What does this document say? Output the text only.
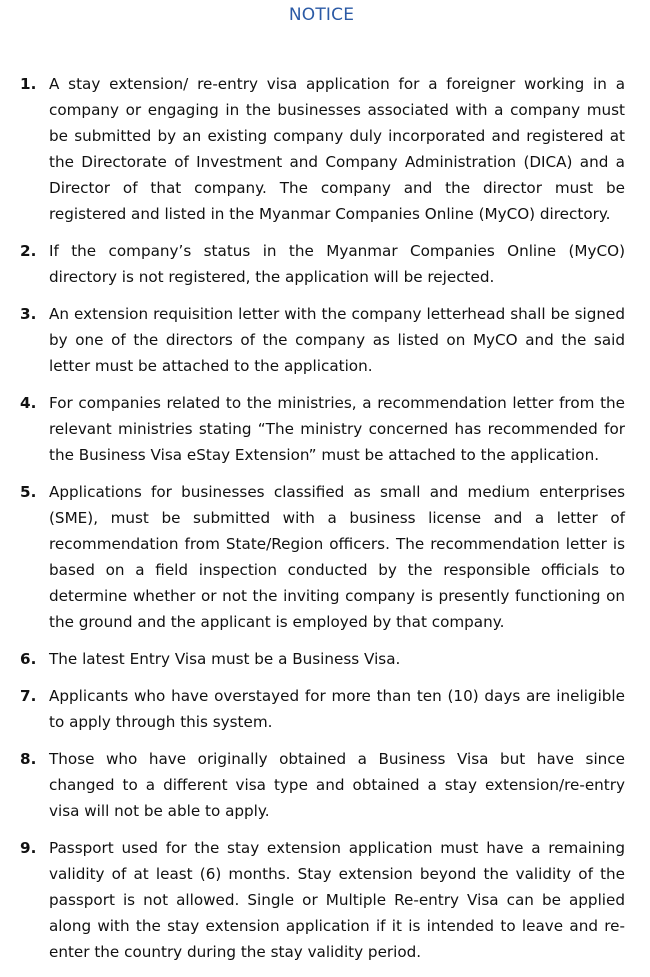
NOTICE
1. A stay extension/ re-entry visa application for a foreigner working in a company or engaging in the businesses associated with a company must be submitted by an existing company duly incorporated and registered at the Directorate of Investment and Company Administration (DICA) and a Director of that company. The company and the director must be registered and listed in the Myanmar Companies Online (MyCO) directory.
2. If the company’s status in the Myanmar Companies Online (MyCO) directory is not registered, the application will be rejected.
3. An extension requisition letter with the company letterhead shall be signed by one of the directors of the company as listed on MyCO and the said letter must be attached to the application.
4. For companies related to the ministries, a recommendation letter from the relevant ministries stating “The ministry concerned has recommended for the Business Visa eStay Extension” must be attached to the application.
5. Applications for businesses classified as small and medium enterprises (SME), must be submitted with a business license and a letter of recommendation from State/Region officers. The recommendation letter is based on a field inspection conducted by the responsible officials to determine whether or not the inviting company is presently functioning on the ground and the applicant is employed by that company.
6. The latest Entry Visa must be a Business Visa.
7. Applicants who have overstayed for more than ten (10) days are ineligible to apply through this system.
8. Those who have originally obtained a Business Visa but have since changed to a different visa type and obtained a stay extension/re-entry visa will not be able to apply.
9. Passport used for the stay extension application must have a remaining validity of at least (6) months. Stay extension beyond the validity of the passport is not allowed. Single or Multiple Re-entry Visa can be applied along with the stay extension application if it is intended to leave and re-enter the country during the stay validity period.
